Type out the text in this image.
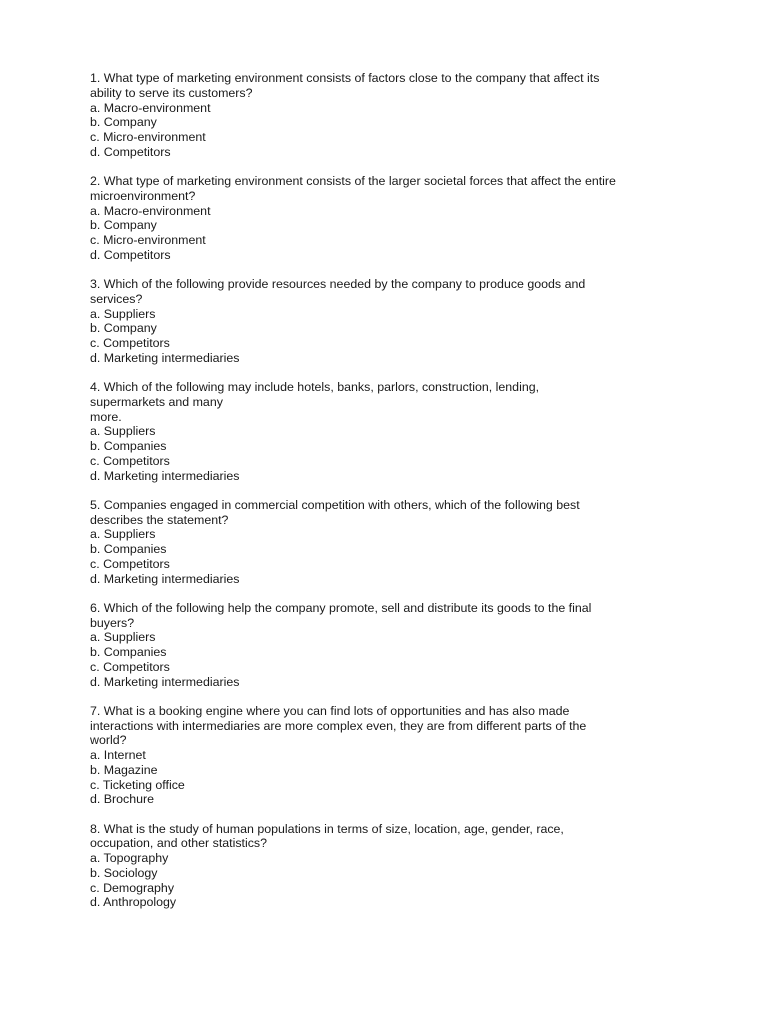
1. What type of marketing environment consists of factors close to the company that affect its
ability to serve its customers?
a. Macro-environment
b. Company
c. Micro-environment
d. Competitors
2. What type of marketing environment consists of the larger societal forces that affect the entire
microenvironment?
a. Macro-environment
b. Company
c. Micro-environment
d. Competitors
3. Which of the following provide resources needed by the company to produce goods and
services?
a. Suppliers
b. Company
c. Competitors
d. Marketing intermediaries
4. Which of the following may include hotels, banks, parlors, construction, lending,
supermarkets and many
more.
a. Suppliers
b. Companies
c. Competitors
d. Marketing intermediaries
5. Companies engaged in commercial competition with others, which of the following best
describes the statement?
a. Suppliers
b. Companies
c. Competitors
d. Marketing intermediaries
6. Which of the following help the company promote, sell and distribute its goods to the final
buyers?
a. Suppliers
b. Companies
c. Competitors
d. Marketing intermediaries
7. What is a booking engine where you can find lots of opportunities and has also made
interactions with intermediaries are more complex even, they are from different parts of the
world?
a. Internet
b. Magazine
c. Ticketing office
d. Brochure
8. What is the study of human populations in terms of size, location, age, gender, race,
occupation, and other statistics?
a. Topography
b. Sociology
c. Demography
d. Anthropology
